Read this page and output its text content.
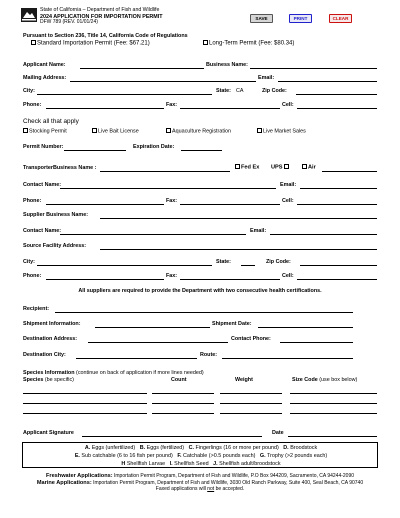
State of California – Department of Fish and Wildlife
2024 APPLICATION FOR IMPORTATION PERMIT
DFW 789 (REV. 01/01/24)
SAVE	PRINT	CLEAR
Pursuant to Section 236, Title 14, California Code of Regulations
Standard Importation Permit (Fee: $67.21)	Long-Term Permit (Fee: $80.34)
Applicant Name:	Business Name:
Mailing Address:	Email:
City:	State: CA	Zip Code:
Phone:	Fax:	Cell:
Check all that apply
Stocking Permit	Live Bait License	Aquaculture Registration	Live Market Sales
Permit Number:	Expiration Date:
TransporterBusiness Name :	Fed Ex UPS	Air
Contact Name:	Email:
Phone:	Fax:	Cell:
Supplier Business Name:
Contact Name:	Email:
Source Facility Address:
City:	State:	Zip Code:
Phone:	Fax:	Cell:
All suppliers are required to provide the Department with two consecutive health certifications.
Recipient:
Shipment Information:	Shipment Date:
Destination Address:	Contact Phone:
Destination City:	Route:
Species Information (continue on back of application if more lines needed)
Species (be specific)	Count	Weight	Size Code (use box below)
Applicant Signature	Date
A. Eggs (unfertilized) B. Eggs (fertilized) C. Fingerlings (16 or more per pound) D. Broodstock
E. Sub catchable (6 to 16 fish per pound) F. Catchable (>0.5 pounds each) G. Trophy (>2 pounds each)
H Shellfish Larvae I. Shellfish Seed J. Shellfish adult/broodstock
Freshwater Applications: Importation Permit Program, Department of Fish and Wildlife, P.O Box 944209, Sacramento, CA 94244-2090
Marine Applications: Importation Permit Program, Department of Fish and Wildlife, 3030 Old Ranch Parkway, Suite 400, Seal Beach, CA 90740
Faxed applications will not be accepted.
